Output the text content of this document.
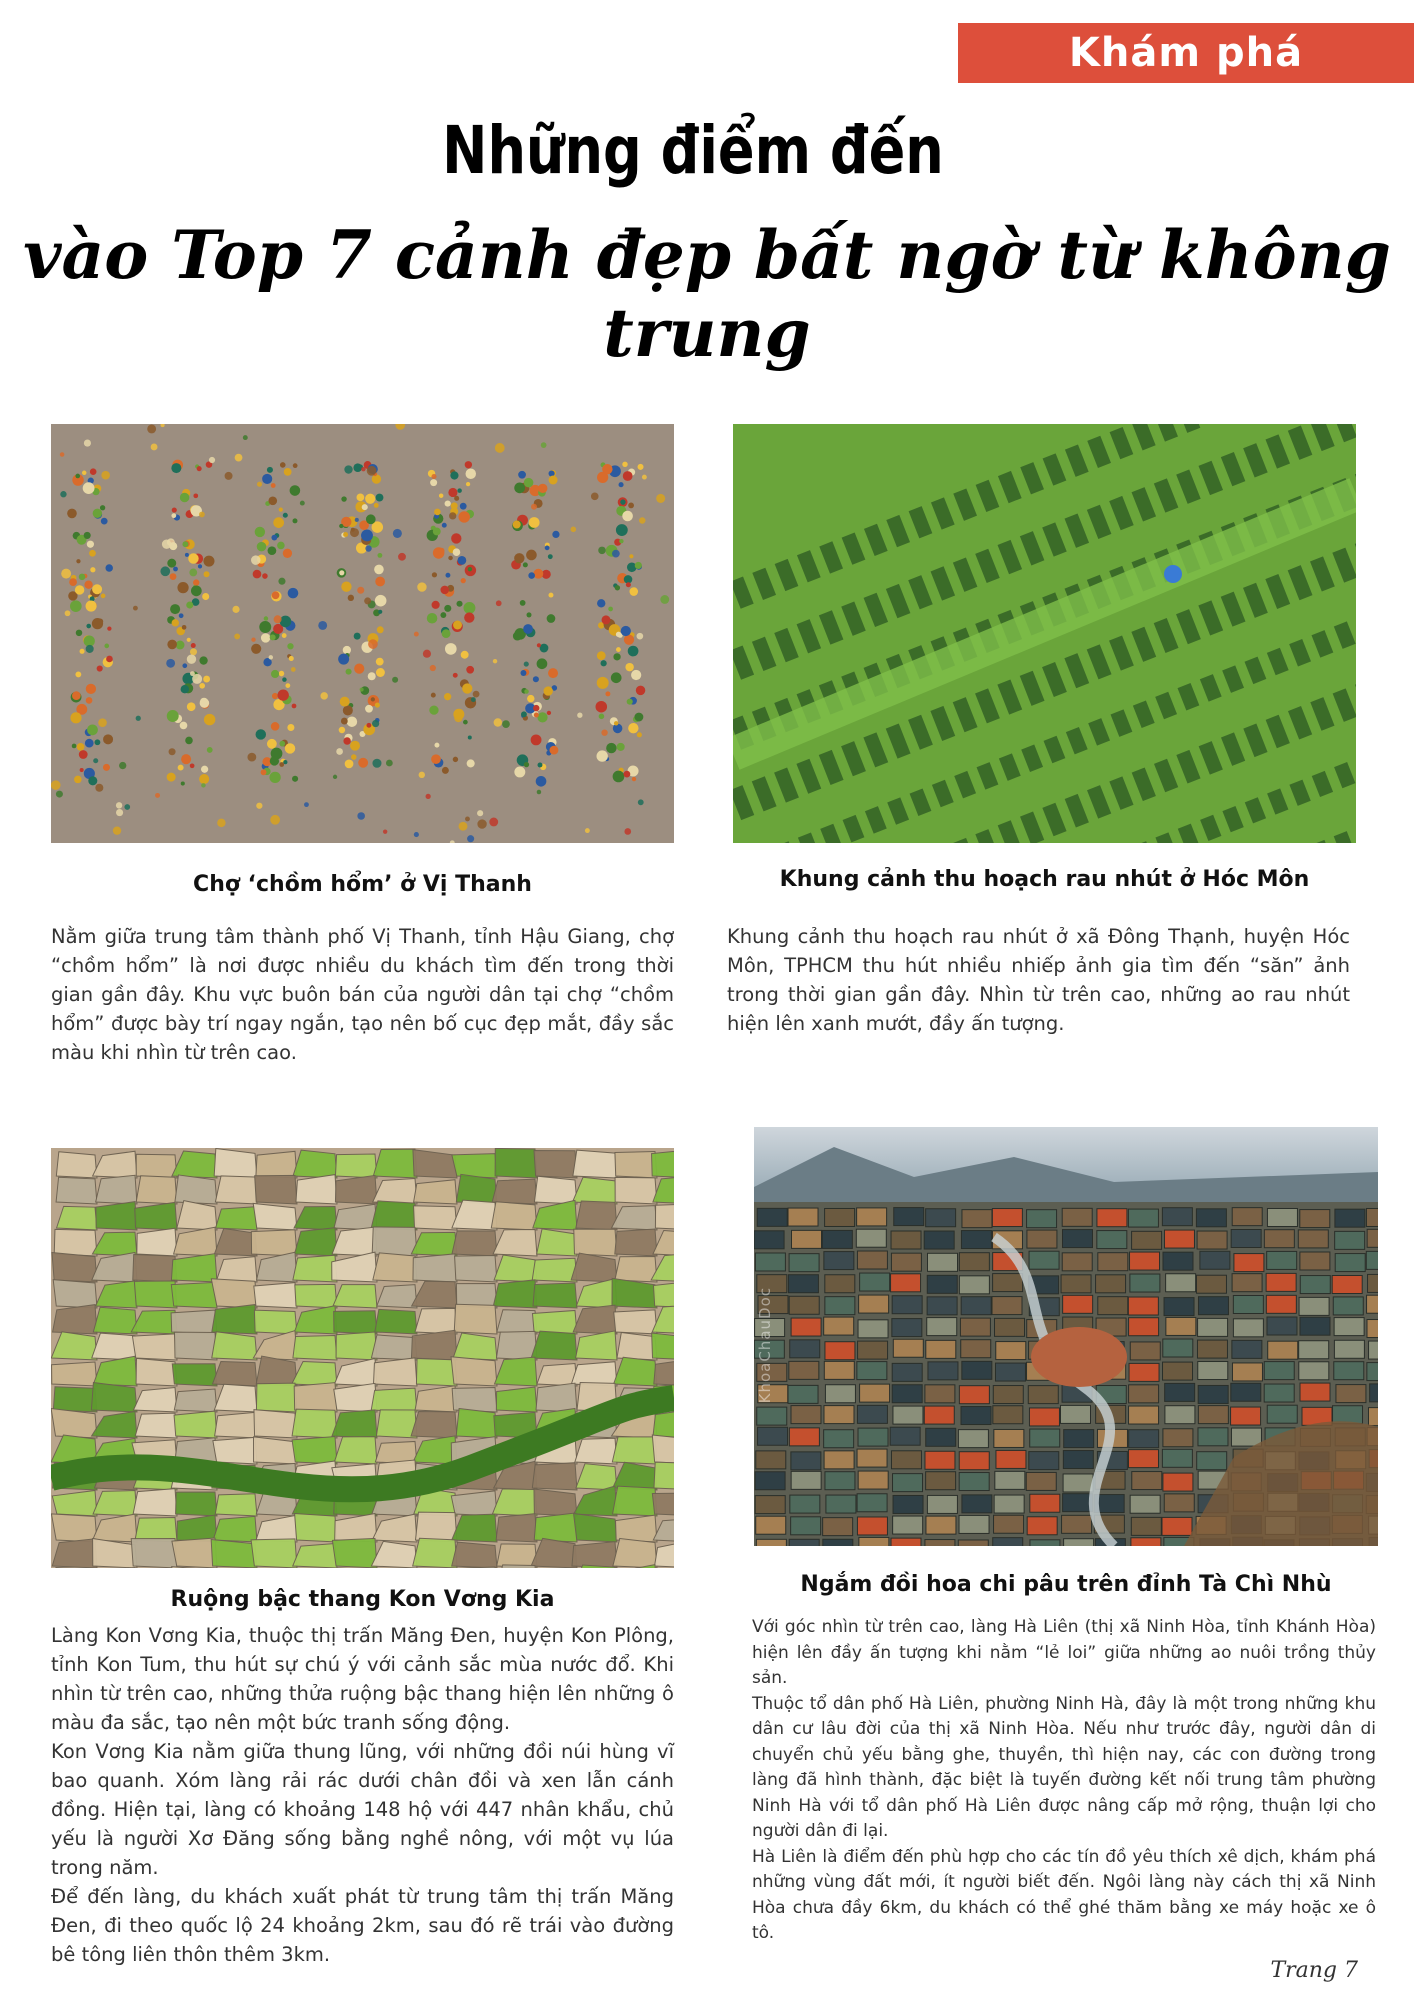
Khám phá
Những điểm đến
vào Top 7 cảnh đẹp bất ngờ từ không trung
Chợ ‘chồm hổm’ ở Vị Thanh

Nằm giữa trung tâm thành phố Vị Thanh, tỉnh Hậu Giang, chợ “chồm hổm” là nơi được nhiều du khách tìm đến trong thời gian gần đây. Khu vực buôn bán của người dân tại chợ “chồm hổm” được bày trí ngay ngắn, tạo nên bố cục đẹp mắt, đầy sắc màu khi nhìn từ trên cao.

Khung cảnh thu hoạch rau nhút ở Hóc Môn

Khung cảnh thu hoạch rau nhút ở xã Đông Thạnh, huyện Hóc Môn, TPHCM thu hút nhiều nhiếp ảnh gia tìm đến “săn” ảnh trong thời gian gần đây. Nhìn từ trên cao, những ao rau nhút hiện lên xanh mướt, đầy ấn tượng.

Ruộng bậc thang Kon Vơng Kia

Làng Kon Vơng Kia, thuộc thị trấn Măng Đen, huyện Kon Plông, tỉnh Kon Tum, thu hút sự chú ý với cảnh sắc mùa nước đổ. Khi nhìn từ trên cao, những thửa ruộng bậc thang hiện lên những ô màu đa sắc, tạo nên một bức tranh sống động.

Kon Vơng Kia nằm giữa thung lũng, với những đồi núi hùng vĩ bao quanh. Xóm làng rải rác dưới chân đồi và xen lẫn cánh đồng. Hiện tại, làng có khoảng 148 hộ với 447 nhân khẩu, chủ yếu là người Xơ Đăng sống bằng nghề nông, với một vụ lúa trong năm.

Để đến làng, du khách xuất phát từ trung tâm thị trấn Măng Đen, đi theo quốc lộ 24 khoảng 2km, sau đó rẽ trái vào đường bê tông liên thôn thêm 3km.

KhoaChauDoc
Ngắm đồi hoa chi pâu trên đỉnh Tà Chì Nhù

Với góc nhìn từ trên cao, làng Hà Liên (thị xã Ninh Hòa, tỉnh Khánh Hòa) hiện lên đầy ấn tượng khi nằm “lẻ loi” giữa những ao nuôi trồng thủy sản.

Thuộc tổ dân phố Hà Liên, phường Ninh Hà, đây là một trong những khu dân cư lâu đời của thị xã Ninh Hòa. Nếu như trước đây, người dân di chuyển chủ yếu bằng ghe, thuyền, thì hiện nay, các con đường trong làng đã hình thành, đặc biệt là tuyến đường kết nối trung tâm phường Ninh Hà với tổ dân phố Hà Liên được nâng cấp mở rộng, thuận lợi cho người dân đi lại.

Hà Liên là điểm đến phù hợp cho các tín đồ yêu thích xê dịch, khám phá những vùng đất mới, ít người biết đến. Ngôi làng này cách thị xã Ninh Hòa chưa đầy 6km, du khách có thể ghé thăm bằng xe máy hoặc xe ô tô.

Trang 7
